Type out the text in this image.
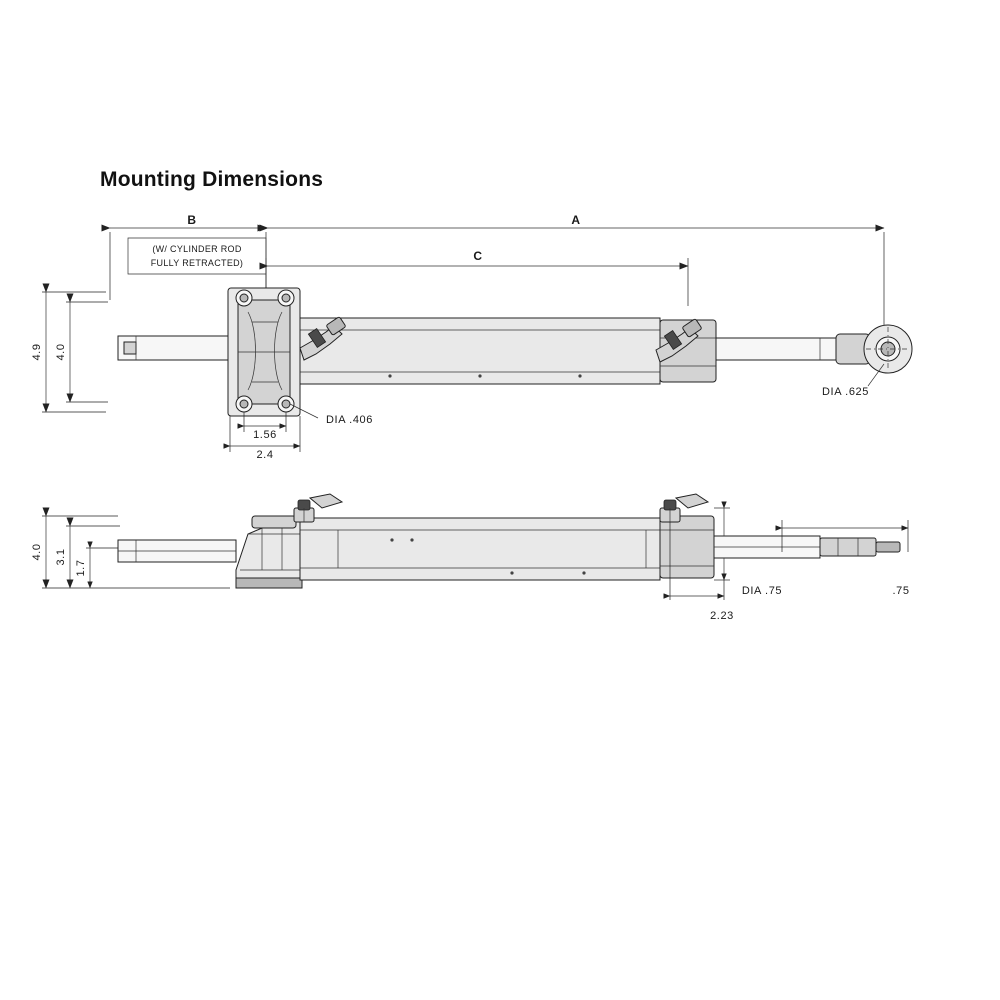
Mounting Dimensions
A
B
C
(W/ CYLINDER ROD
FULLY RETRACTED)
4.9 4.0
1.56
2.4
DIA .406
DIA .625
4.0 3.1
1.7
DIA .75	.75
2.23
